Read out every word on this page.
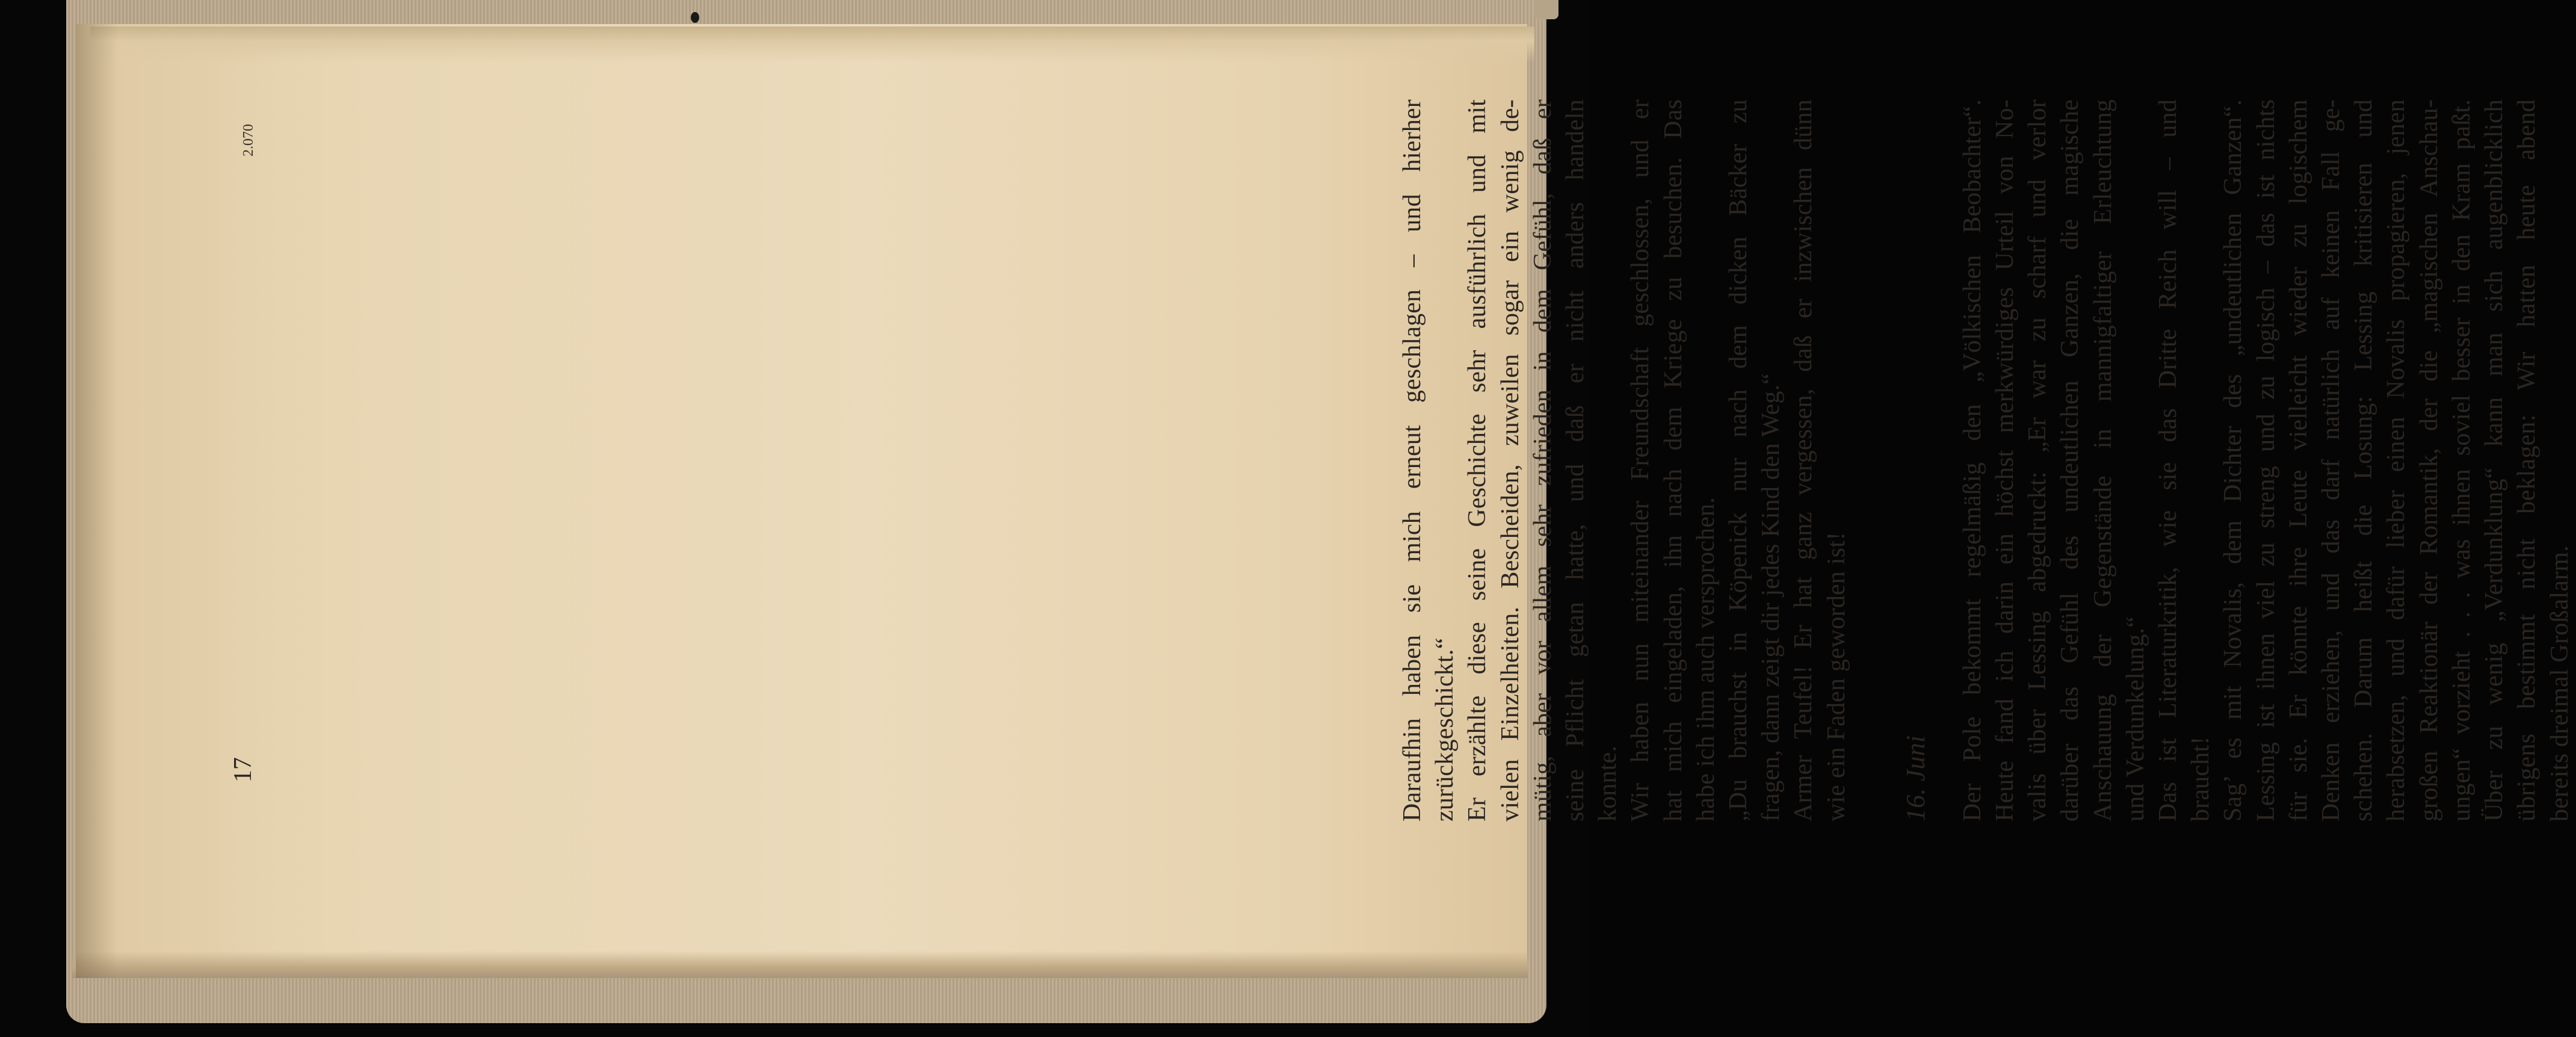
Daraufhin haben sie mich erneut geschlagen – und hierher zurückgeschickt.“ Er erzählte diese seine Geschichte sehr ausführlich und mit vielen Einzelheiten. Bescheiden, zuweilen sogar ein wenig de- mütig, aber vor allem sehr zufrieden in dem Gefühl, daß er seine Pflicht getan hatte, und daß er nicht anders handeln konnte. Wir haben nun miteinander Freundschaft geschlossen, und er hat mich eingeladen, ihn nach dem Kriege zu besuchen. Das habe ich ihm auch versprochen. „Du brauchst in Köpenick nur nach dem dicken Bäcker zu fragen, dann zeigt dir jedes Kind den Weg.“ Armer Teufel! Er hat ganz vergessen, daß er inzwischen dünn wie ein Faden geworden ist! 16. Juni Der Pole bekommt regelmäßig den „Völkischen Beobachter“. Heute fand ich darin ein höchst merkwürdiges Urteil von No- valis über Lessing abgedruckt: „Er war zu scharf und verlor darüber das Gefühl des undeutlichen Ganzen, die magische Anschauung der Gegenstände in mannigfaltiger Erleuchtung und Verdunkelung.“ Das ist Literaturkritik, wie sie das Dritte Reich will – und braucht! Sag’ es mit Novalis, dem Dichter des „undeutlichen Ganzen“. Lessing ist ihnen viel zu streng und zu logisch – das ist nichts für sie. Er könnte ihre Leute vielleicht wieder zu logischem Denken erziehen, und das darf natürlich auf keinen Fall ge- schehen. Darum heißt die Losung: Lessing kritisieren und herabsetzen, und dafür lieber einen Novalis propagieren, jenen großen Reaktionär der Romantik, der die „magischen Anschau- ungen“ vorzieht . . . was ihnen soviel besser in den Kram paßt. Über zu wenig „Verdunklung“ kann man sich augenblicklich übrigens bestimmt nicht beklagen: Wir hatten heute abend bereits dreimal Großalarm.
17
2.070
